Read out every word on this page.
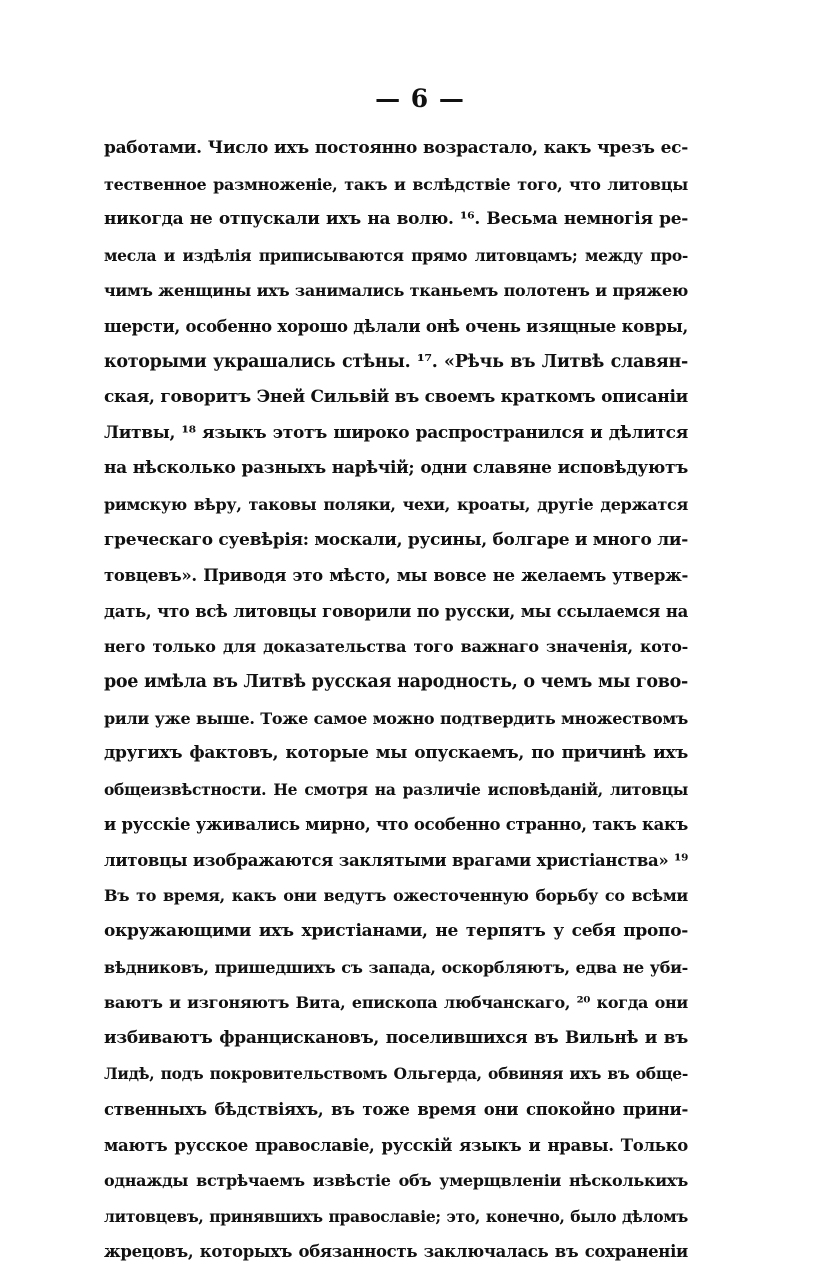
— 6 —
работами. Число ихъ постоянно возрастало, какъ чрезъ ес-
тественное размноженіе, такъ и вслѣдствіе того, что литовцы
никогда не отпускали ихъ на волю. ¹⁶. Весьма немногія ре-
месла и издѣлія приписываются прямо литовцамъ; между про-
чимъ женщины ихъ занимались тканьемъ полотенъ и пряжею
шерсти, особенно хорошо дѣлали онѣ очень изящные ковры,
которыми украшались стѣны. ¹⁷. «Рѣчь въ Литвѣ славян-
ская, говоритъ Эней Сильвій въ своемъ краткомъ описаніи
Литвы, ¹⁸ языкъ этотъ широко распространился и дѣлится
на нѣсколько разныхъ нарѣчій; одни славяне исповѣдуютъ
римскую вѣру, таковы поляки, чехи, кроаты, другіе держатся
греческаго суевѣрія: москали, русины, болгаре и много ли-
товцевъ». Приводя это мѣсто, мы вовсе не желаемъ утверж-
дать, что всѣ литовцы говорили по русски, мы ссылаемся на
него только для доказательства того важнаго значенія, кото-
рое имѣла въ Литвѣ русская народность, о чемъ мы гово-
рили уже выше. Тоже самое можно подтвердить множествомъ
другихъ фактовъ, которые мы опускаемъ, по причинѣ ихъ
общеизвѣстности. Не смотря на различіе исповѣданій, литовцы
и русскіе уживались мирно, что особенно странно, такъ какъ
литовцы изображаются заклятыми врагами христіанства» ¹⁹
Въ то время, какъ они ведутъ ожесточенную борьбу со всѣми
окружающими ихъ христіанами, не терпятъ у себя пропо-
вѣдниковъ, пришедшихъ съ запада, оскорбляютъ, едва не уби-
ваютъ и изгоняютъ Вита, епископа любчанскаго, ²⁰ когда они
избиваютъ францискановъ, поселившихся въ Вильнѣ и въ
Лидѣ, подъ покровительствомъ Ольгерда, обвиняя ихъ въ обще-
ственныхъ бѣдствіяхъ, въ тоже время они спокойно прини-
маютъ русское православіе, русскій языкъ и нравы. Только
однажды встрѣчаемъ извѣстіе объ умерщвленіи нѣсколькихъ
литовцевъ, принявшихъ православіе; это, конечно, было дѣломъ
жрецовъ, которыхъ обязанность заключалась въ сохраненіи
